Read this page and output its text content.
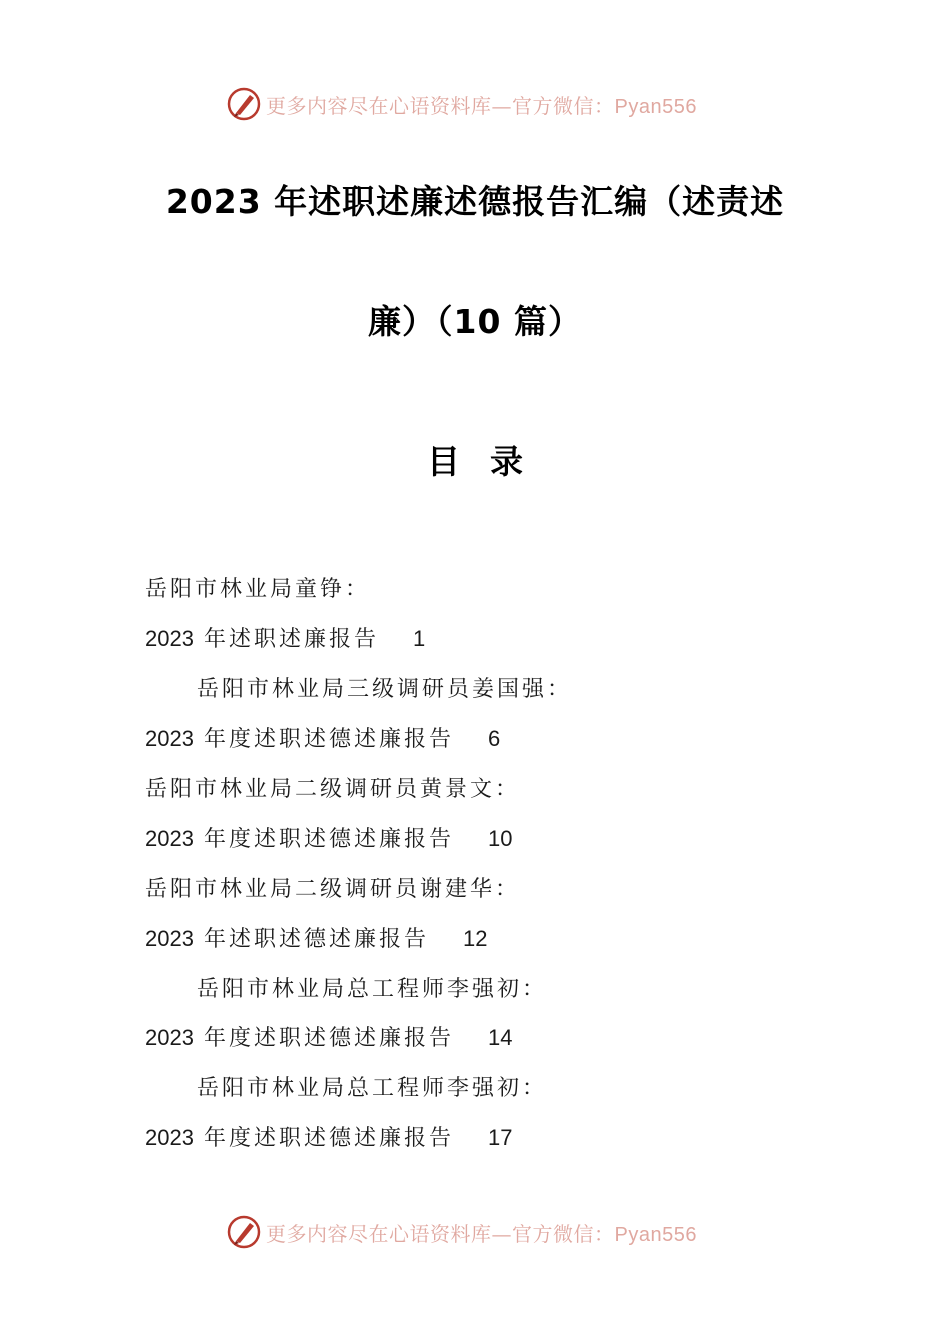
更多内容尽在心语资料库—官方微信：Pyan556
2023 年述职述廉述德报告汇编（述责述
廉）（10 篇）
目录
岳阳市林业局童铮：
2023 年述职述廉报告 1
岳阳市林业局三级调研员姜国强：
2023 年度述职述德述廉报告 6
岳阳市林业局二级调研员黄景文：
2023 年度述职述德述廉报告 10
岳阳市林业局二级调研员谢建华：
2023 年述职述德述廉报告 12
岳阳市林业局总工程师李强初：
2023 年度述职述德述廉报告 14
岳阳市林业局总工程师李强初：
2023 年度述职述德述廉报告 17
更多内容尽在心语资料库—官方微信：Pyan556
